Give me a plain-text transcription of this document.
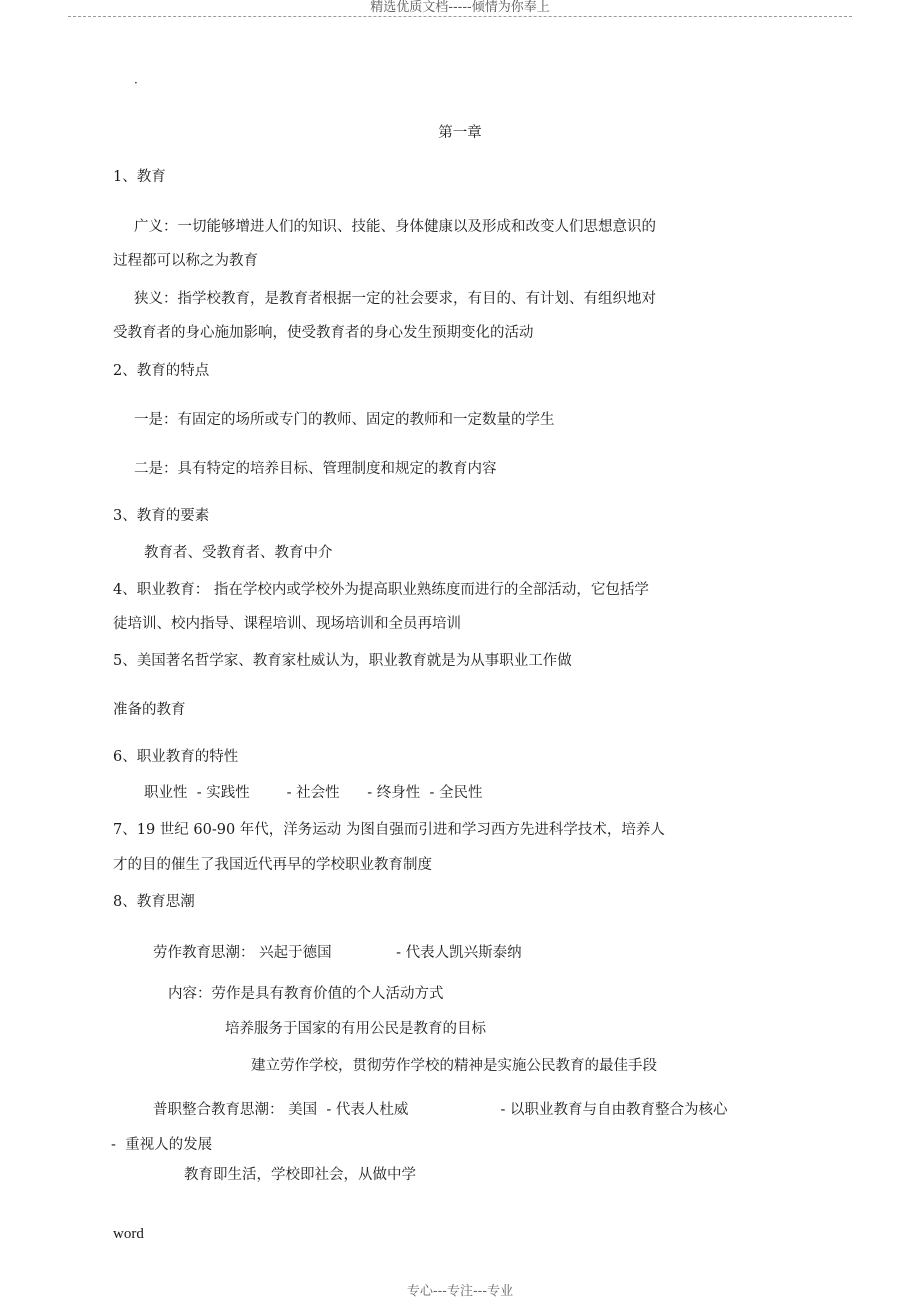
精选优质文档-----倾情为你奉上
·
第一章
1、教育
广义：一切能够增进人们的知识、技能、身体健康以及形成和改变人们思想意识的
过程都可以称之为教育
狭义：指学校教育，是教育者根据一定的社会要求，有目的、有计划、有组织地对
受教育者的身心施加影响，使受教育者的身心发生预期变化的活动
2、教育的特点
一是：有固定的场所或专门的教师、固定的教师和一定数量的学生
二是：具有特定的培养目标、管理制度和规定的教育内容
3、教育的要素
教育者、受教育者、教育中介
4、职业教育： 指在学校内或学校外为提高职业熟练度而进行的全部活动，它包括学
徒培训、校内指导、课程培训、现场培训和全员再培训
5、美国著名哲学家、教育家杜威认为，职业教育就是为从事职业工作做
准备的教育
6、职业教育的特性
职业性  - 实践性        - 社会性      - 终身性  - 全民性
7、19 世纪 60-90 年代，洋务运动 为图自强而引进和学习西方先进科学技术，培养人
才的目的催生了我国近代再早的学校职业教育制度
8、教育思潮
劳作教育思潮： 兴起于德国              - 代表人凯兴斯泰纳
内容：劳作是具有教育价值的个人活动方式
培养服务于国家的有用公民是教育的目标
建立劳作学校，贯彻劳作学校的精神是实施公民教育的最佳手段
普职整合教育思潮： 美国  - 代表人杜威                    - 以职业教育与自由教育整合为核心
-  重视人的发展
教育即生活，学校即社会，从做中学
word
专心---专注---专业
